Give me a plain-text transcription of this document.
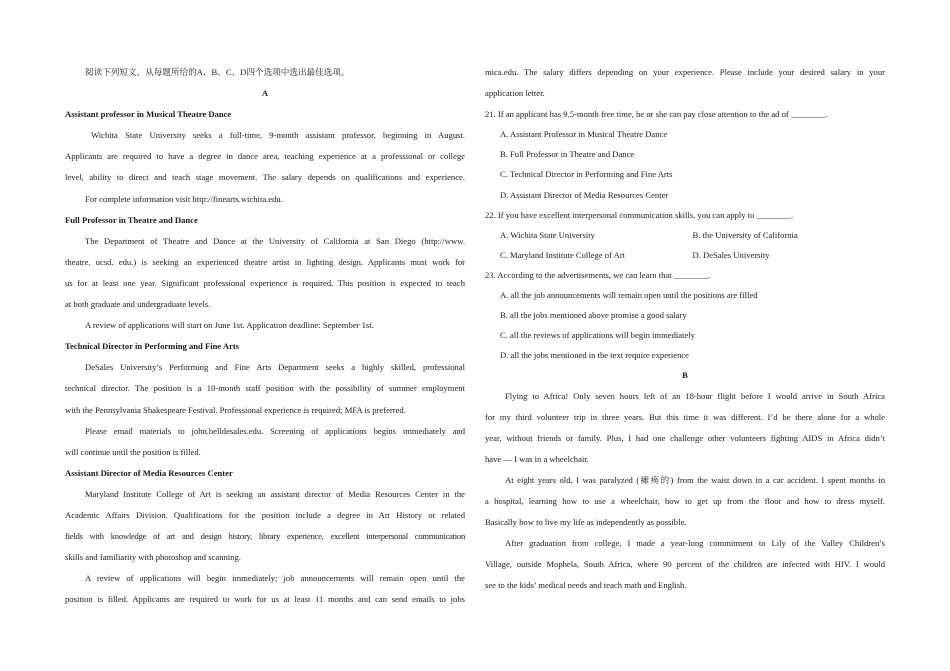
阅读下列短文，从每题所给的A、B、C、D四个选项中选出最佳选项。
A
Assistant professor in Musical Theatre Dance
Wichita State University seeks a full-time, 9-month assistant professor, beginning in August.
Applicants are required to have a degree in dance area, teaching experience at a professional or college
level, ability to direct and teach stage movement. The salary depends on qualifications and experience.
For complete information visit http://finearts.wichita.edu.
Full Professor in Theatre and Dance
The Department of Theatre and Dance at the University of California at San Diego (http://www.
theatre. ucsd. edu.) is seeking an experienced theatre artist in lighting design. Applicants must work for
us for at least one year. Significant professional experience is required. This position is expected to teach
at both graduate and undergraduate levels.
A review of applications will start on June 1st. Application deadline: September 1st.
Technical Director in Performing and Fine Arts
DeSales University’s Performing and Fine Arts Department seeks a highly skilled, professional
technical director. The position is a 10-month staff position with the possibility of summer employment
with the Pennsylvania Shakespeare Festival. Professional experience is required; MFA is preferred.
Please email materials to john.belldesales.edu. Screening of applications begins immediately and
will continue until the position is filled.
Assistant Director of Media Resources Center
Maryland Institute College of Art is seeking an assistant director of Media Resources Center in the
Academic Affairs Division. Qualifications for the position include a degree in Art History or related
fields with knowledge of art and design history, library experience, excellent interpersonal communication
skills and familiarity with photoshop and scanning.
A review of applications will begin immediately; job announcements will remain open until the
position is filled. Applicants are required to work for us at least 11 months and can send emails to jobs
mica.edu. The salary differs depending on your experience. Please include your desired salary in your
application letter.
21. If an applicant has 9.5-month free time, he or she can pay close attention to the ad of ________.
A. Assistant Professor in Musical Theatre Dance
B. Full Professor in Theatre and Dance
C. Technical Director in Performing and Fine Arts
D. Assistant Director of Media Resources Center
22. If you have excellent interpersonal communication skills, you can apply to ________.
A. Wichita State University	B. the University of California
C. Maryland Institute College of Art	D. DeSales University
23. According to the advertisements, we can learn that ________.
A. all the job announcements will remain open until the positions are filled
B. all the jobs mentioned above promise a good salary
C. all the reviews of applications will begin immediately
D. all the jobs mentioned in the text require experience
B
Flying to Africa! Only seven hours left of an 18-hour flight before I would arrive in South Africa
for my third volunteer trip in three years. But this time it was different. I’d be there alone for a whole
year, without friends or family. Plus, I had one challenge other volunteers fighting AIDS in Africa didn’t
have — I was in a wheelchair.
At eight years old, I was paralyzed (瘫痪的) from the waist down in a car accident. I spent months in
a hospital, learning how to use a wheelchair, how to get up from the floor and how to dress myself.
Basically how to live my life as independently as possible.
After graduation from college, I made a year-long commitment to Lily of the Valley Children’s
Village, outside Mophela, South Africa, where 90 percent of the children are infected with HIV. I would
see to the kids’ medical needs and teach math and English.
